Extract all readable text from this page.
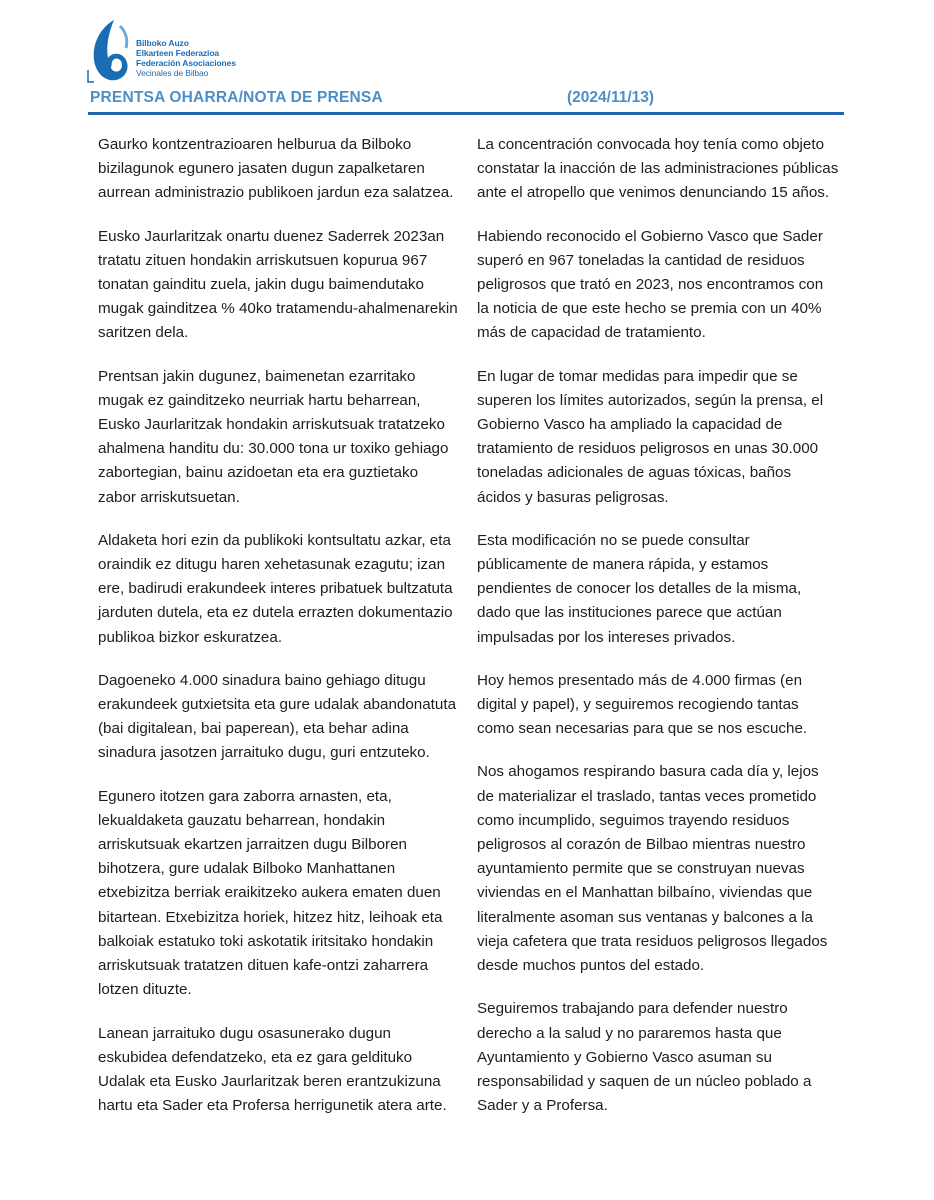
Bilboko Auzo
Elkarteen Federazioa
Federación Asociaciones
Vecinales de Bilbao
PRENTSA OHARRA/NOTA DE PRENSA	(2024/11/13)

Gaurko kontzentrazioaren helburua da Bilboko bizilagunok egunero jasaten dugun zapalketaren aurrean administrazio publikoen jardun eza salatzea.

Eusko Jaurlaritzak onartu duenez Saderrek 2023an tratatu zituen hondakin arriskutsuen kopurua 967 tonatan gainditu zuela, jakin dugu baimendutako mugak gainditzea % 40ko tratamendu-ahalmenarekin saritzen dela.

Prentsan jakin dugunez, baimenetan ezarritako mugak ez gainditzeko neurriak hartu beharrean, Eusko Jaurlaritzak hondakin arriskutsuak tratatzeko ahalmena handitu du: 30.000 tona ur toxiko gehiago zabortegian, bainu azidoetan eta era guztietako zabor arriskutsuetan.

Aldaketa hori ezin da publikoki kontsultatu azkar, eta oraindik ez ditugu haren xehetasunak ezagutu; izan ere, badirudi erakundeek interes pribatuek bultzatuta jarduten dutela, eta ez dutela errazten dokumentazio publikoa bizkor eskuratzea.

Dagoeneko 4.000 sinadura baino gehiago ditugu erakundeek gutxietsita eta gure udalak abandonatuta (bai digitalean, bai paperean), eta behar adina sinadura jasotzen jarraituko dugu, guri entzuteko.

Egunero itotzen gara zaborra arnasten, eta, lekualdaketa gauzatu beharrean, hondakin arriskutsuak ekartzen jarraitzen dugu Bilboren bihotzera, gure udalak Bilboko Manhattanen etxebizitza berriak eraikitzeko aukera ematen duen bitartean. Etxebizitza horiek, hitzez hitz, leihoak eta balkoiak estatuko toki askotatik iritsitako hondakin arriskutsuak tratatzen dituen kafe-ontzi zaharrera lotzen dituzte.

Lanean jarraituko dugu osasunerako dugun eskubidea defendatzeko, eta ez gara gelditukо Udalak eta Eusko Jaurlaritzak beren erantzukizuna hartu eta Sader eta Profersa herrigunetik atera arte.

La concentración convocada hoy tenía como objeto constatar la inacción de las administraciones públicas ante el atropello que venimos denunciando 15 años.

Habiendo reconocido el Gobierno Vasco que Sader superó en 967 toneladas la cantidad de residuos peligrosos que trató en 2023, nos encontramos con la noticia de que este hecho se premia con un 40% más de capacidad de tratamiento.

En lugar de tomar medidas para impedir que se superen los límites autorizados, según la prensa, el Gobierno Vasco ha ampliado la capacidad de tratamiento de residuos peligrosos en unas 30.000 toneladas adicionales de aguas tóxicas, baños ácidos y basuras peligrosas.

Esta modificación no se puede consultar públicamente de manera rápida, y estamos pendientes de conocer los detalles de la misma, dado que las instituciones parece que actúan impulsadas por los intereses privados.

Hoy hemos presentado más de 4.000 firmas (en digital y papel), y seguiremos recogiendo tantas como sean necesarias para que se nos escuche.

Nos ahogamos respirando basura cada día y, lejos de materializar el traslado, tantas veces prometido como incumplido, seguimos trayendo residuos peligrosos al corazón de Bilbao mientras nuestro ayuntamiento permite que se construyan nuevas viviendas en el Manhattan bilbaíno, viviendas que literalmente asoman sus ventanas y balcones a la vieja cafetera que trata residuos peligrosos llegados desde muchos puntos del estado.

Seguiremos trabajando para defender nuestro derecho a la salud y no pararemos hasta que Ayuntamiento y Gobierno Vasco asuman su responsabilidad y saquen de un núcleo poblado a Sader y a Profersa.
